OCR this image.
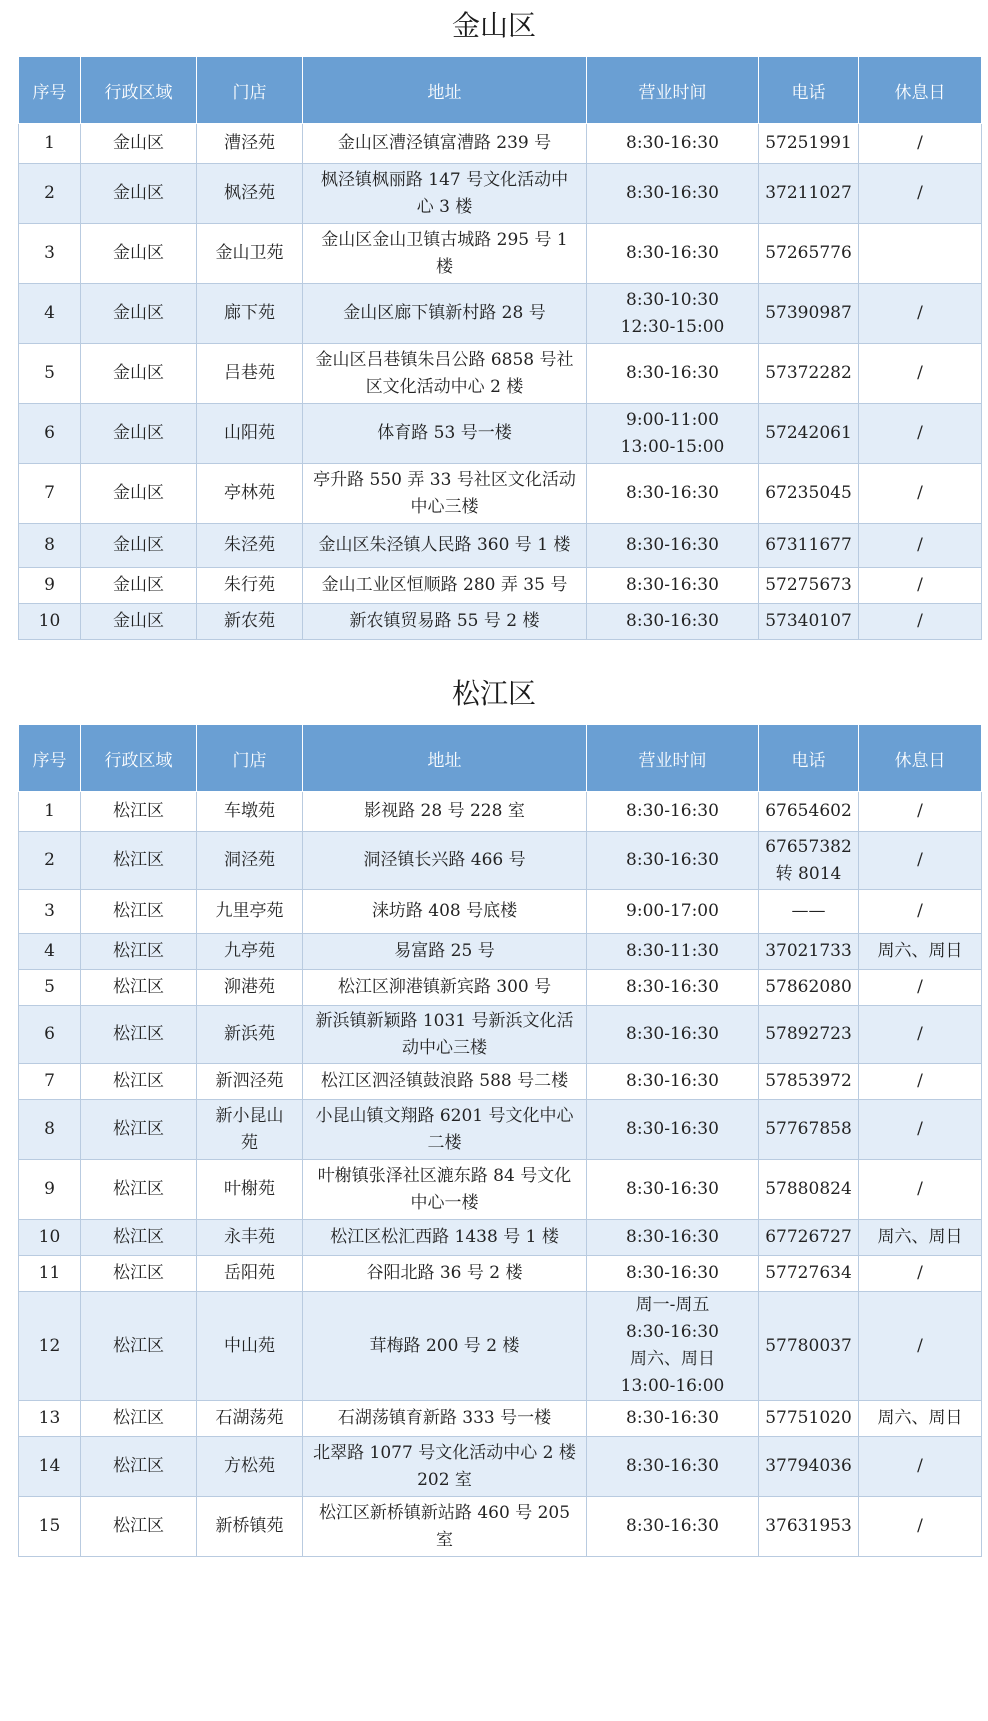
金山区
序号	行政区域	门店	地址	营业时间	电话	休息日
1	金山区	漕泾苑	金山区漕泾镇富漕路 239 号	8:30-16:30	57251991	/
2	金山区	枫泾苑	枫泾镇枫丽路 147 号文化活动中
心 3 楼	8:30-16:30	37211027	/
3	金山区	金山卫苑	金山区金山卫镇古城路 295 号 1
楼	8:30-16:30	57265776	

4	金山区	廊下苑	金山区廊下镇新村路 28 号	8:30-10:30
12:30-15:00	57390987	/
5	金山区	吕巷苑	金山区吕巷镇朱吕公路 6858 号社
区文化活动中心 2 楼	8:30-16:30	57372282	/
6	金山区	山阳苑	体育路 53 号一楼	9:00-11:00
13:00-15:00	57242061	/
7	金山区	亭林苑	亭升路 550 弄 33 号社区文化活动
中心三楼	8:30-16:30	67235045	/
8	金山区	朱泾苑	金山区朱泾镇人民路 360 号 1 楼	8:30-16:30	67311677	/
9	金山区	朱行苑	金山工业区恒顺路 280 弄 35 号	8:30-16:30	57275673	/
10	金山区	新农苑	新农镇贸易路 55 号 2 楼	8:30-16:30	57340107	/
松江区
序号	行政区域	门店	地址	营业时间	电话	休息日
1	松江区	车墩苑	影视路 28 号 228 室	8:30-16:30	67654602	/
2	松江区	洞泾苑	洞泾镇长兴路 466 号	8:30-16:30	67657382
转 8014	/
3	松江区	九里亭苑	涞坊路 408 号底楼	9:00-17:00	——	/
4	松江区	九亭苑	易富路 25 号	8:30-11:30	37021733	周六、周日
5	松江区	泖港苑	松江区泖港镇新宾路 300 号	8:30-16:30	57862080	/
6	松江区	新浜苑	新浜镇新颖路 1031 号新浜文化活
动中心三楼	8:30-16:30	57892723	/
7	松江区	新泗泾苑	松江区泗泾镇鼓浪路 588 号二楼	8:30-16:30	57853972	/
8	松江区	新小昆山
苑	小昆山镇文翔路 6201 号文化中心
二楼	8:30-16:30	57767858	/
9	松江区	叶榭苑	叶榭镇张泽社区漉东路 84 号文化
中心一楼	8:30-16:30	57880824	/
10	松江区	永丰苑	松江区松汇西路 1438 号 1 楼	8:30-16:30	67726727	周六、周日
11	松江区	岳阳苑	谷阳北路 36 号 2 楼	8:30-16:30	57727634	/
12	松江区	中山苑	茸梅路 200 号 2 楼	周一-周五
8:30-16:30
周六、周日
13:00-16:00	57780037	/
13	松江区	石湖荡苑	石湖荡镇育新路 333 号一楼	8:30-16:30	57751020	周六、周日
14	松江区	方松苑	北翠路 1077 号文化活动中心 2 楼
202 室	8:30-16:30	37794036	/
15	松江区	新桥镇苑	松江区新桥镇新站路 460 号 205
室	8:30-16:30	37631953	/
